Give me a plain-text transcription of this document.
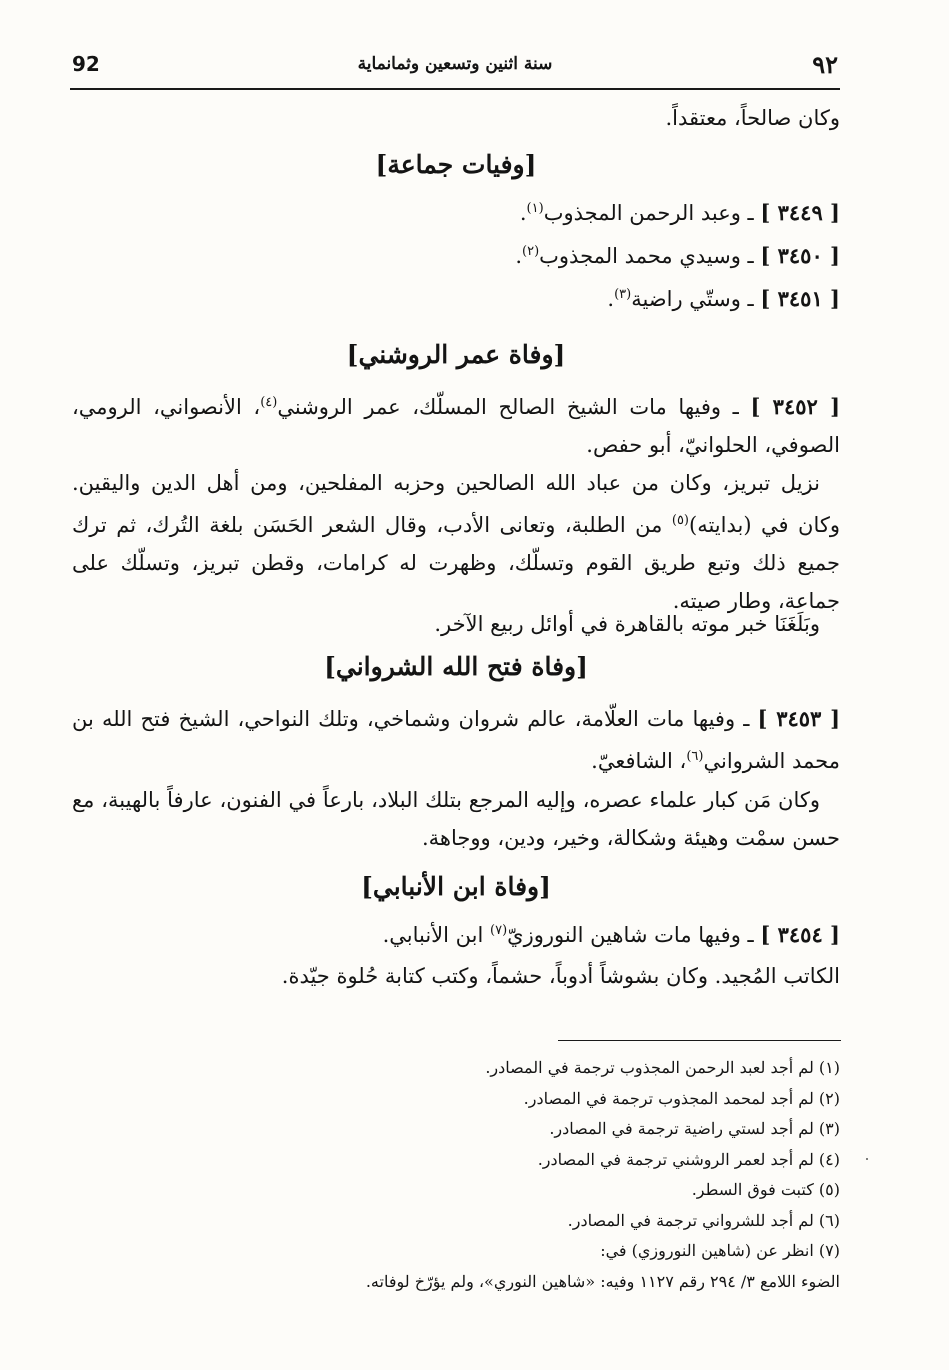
92	سنة اثنين وتسعين وثمانماية	٩٢
وكان صالحاً، معتقداً.
[وفيات جماعة]
[ ٣٤٤٩ ] ـ وعبد الرحمن المجذوب$^{(١)}$.
[ ٣٤٥٠ ] ـ وسيدي محمد المجذوب$^{(٢)}$.
[ ٣٤٥١ ] ـ وستّي راضية$^{(٣)}$.
[وفاة عمر الروشني]
[ ٣٤٥٢ ] ـ وفيها مات الشيخ الصالح المسلّك، عمر الروشني$^{(٤)}$، الأنصواني، الرومي، الصوفي، الحلوانيّ، أبو حفص.
نزيل تبريز، وكان من عباد الله الصالحين وحزبه المفلحين، ومن أهل الدين واليقين. وكان في (بدايته)$^{(٥)}$ من الطلبة، وتعانى الأدب، وقال الشعر الحَسَن بلغة التُرك، ثم ترك جميع ذلك وتبع طريق القوم وتسلّك، وظهرت له كرامات، وقطن تبريز، وتسلّك على جماعة، وطار صيته.
وبَلَغَنَا خبر موته بالقاهرة في أوائل ربيع الآخر.
[وفاة فتح الله الشرواني]
[ ٣٤٥٣ ] ـ وفيها مات العلّامة، عالم شروان وشماخي، وتلك النواحي، الشيخ فتح الله بن محمد الشرواني$^{(٦)}$، الشافعيّ.
وكان مَن كبار علماء عصره، وإليه المرجع بتلك البلاد، بارعاً في الفنون، عارفاً بالهيبة، مع حسن سمْت وهيئة وشكالة، وخير، ودين، ووجاهة.
[وفاة ابن الأنبابي]
[ ٣٤٥٤ ] ـ وفيها مات شاهين النوروزيّ$^{(٧)}$ ابن الأنبابي.
الكاتب المُجيد. وكان بشوشاً أدوباً، حشماً، وكتب كتابة حُلوة جيّدة.
(١) لم أجد لعبد الرحمن المجذوب ترجمة في المصادر.
(٢) لم أجد لمحمد المجذوب ترجمة في المصادر.
(٣) لم أجد لستي راضية ترجمة في المصادر.
(٤) لم أجد لعمر الروشني ترجمة في المصادر.
(٥) كتبت فوق السطر.
(٦) لم أجد للشرواني ترجمة في المصادر.
(٧) انظر عن (شاهين النوروزي) في:
الضوء اللامع ٣/ ٢٩٤ رقم ١١٢٧ وفيه: «شاهين النوري»، ولم يؤرّخ لوفاته.
